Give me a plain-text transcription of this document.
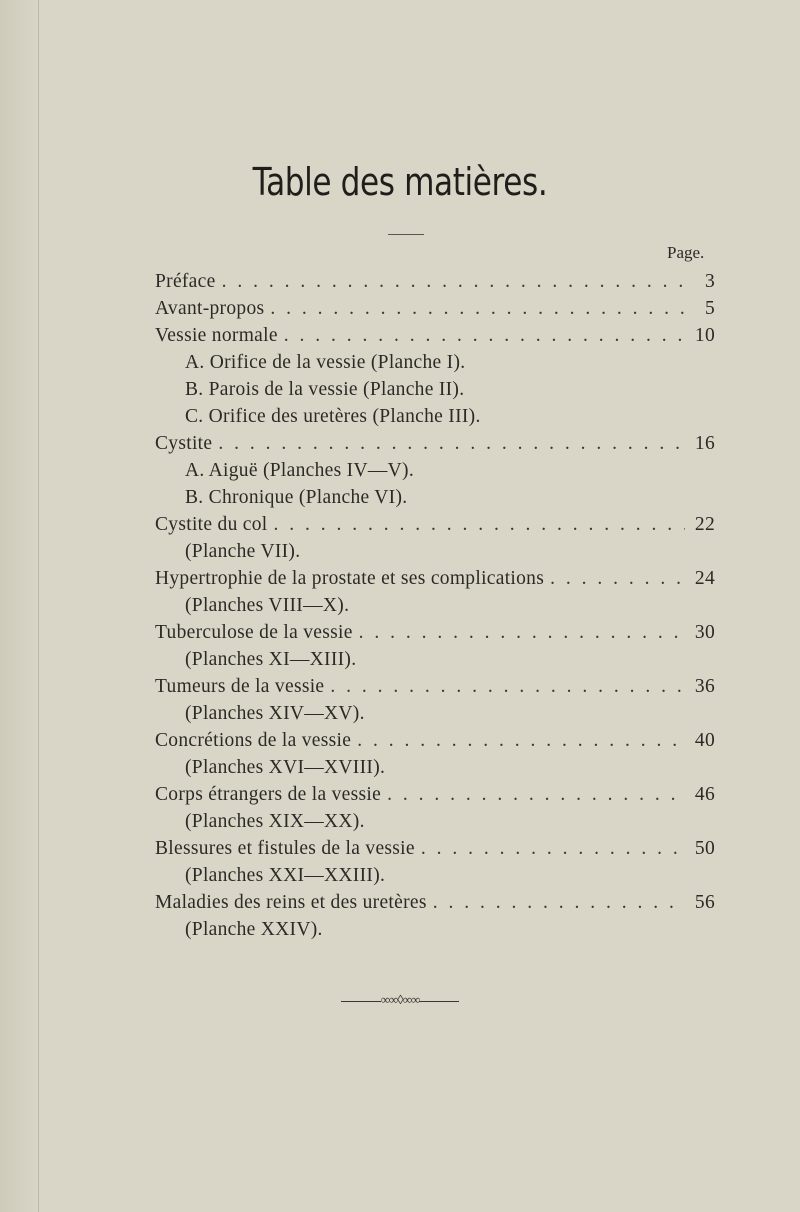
Table des matières.
Page.
Préface . . .	3
Avant-propos . . .	5
Vessie normale . . .	10
A. Orifice de la vessie (Planche I).
B. Parois de la vessie (Planche II).
C. Orifice des uretères (Planche III).
Cystite . . .	16
A. Aiguë (Planches IV—V).
B. Chronique (Planche VI).
Cystite du col . . .	22
(Planche VII).
Hypertrophie de la prostate et ses complications . . .	24
(Planches VIII—X).
Tuberculose de la vessie . . .	30
(Planches XI—XIII).
Tumeurs de la vessie . . .	36
(Planches XIV—XV).
Concrétions de la vessie . . .	40
(Planches XVI—XVIII).
Corps étrangers de la vessie . . .	46
(Planches XIX—XX).
Blessures et fistules de la vessie . . .	50
(Planches XXI—XXIII).
Maladies des reins et des uretères . . .	56
(Planche XXIV).
∞∞◊∞∞
